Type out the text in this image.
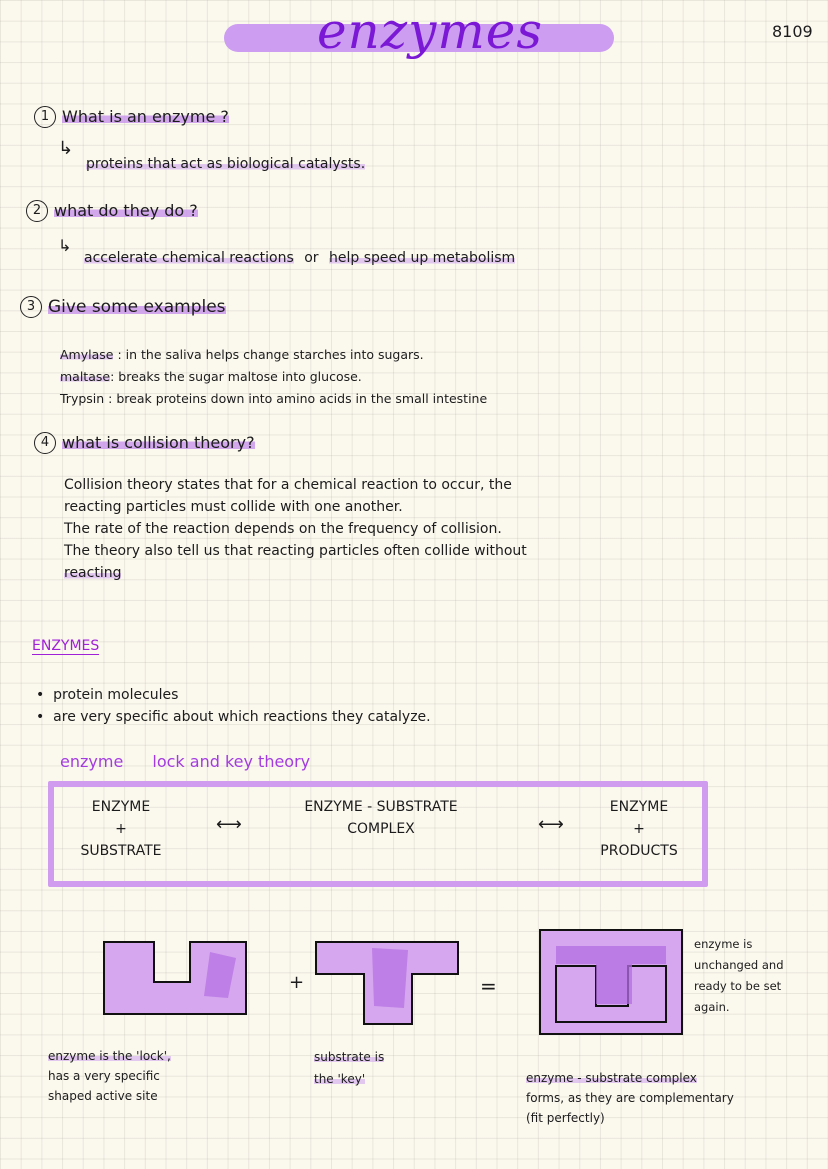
enzymes	8109
1 What is an enzyme ?
↳
proteins that act as biological catalysts.
2 what do they do ?
↳
accelerate chemical reactions or help speed up metabolism
3 Give some examples
Amylase : in the saliva helps change starches into sugars.
maltase: breaks the sugar maltose into glucose.
Trypsin : break proteins down into amino acids in the small intestine
4 what is collision theory?
Collision theory states that for a chemical reaction to occur, the
reacting particles must collide with one another.
The rate of the reaction depends on the frequency of collision.
The theory also tell us that reacting particles often collide without
reacting
ENZYMES
•  protein molecules
•  are very specific about which reactions they catalyze.
enzyme lock and key theory
ENZYME
+
SUBSTRATE
⟷
ENZYME - SUBSTRATE
COMPLEX	⟷
ENZYME
+
PRODUCTS
+	=
enzyme is
unchanged and
ready to be set
again.
enzyme is the 'lock',
has a very specific
shaped active site
substrate is
the 'key'	enzyme - substrate complex
forms, as they are complementary
(fit perfectly)
